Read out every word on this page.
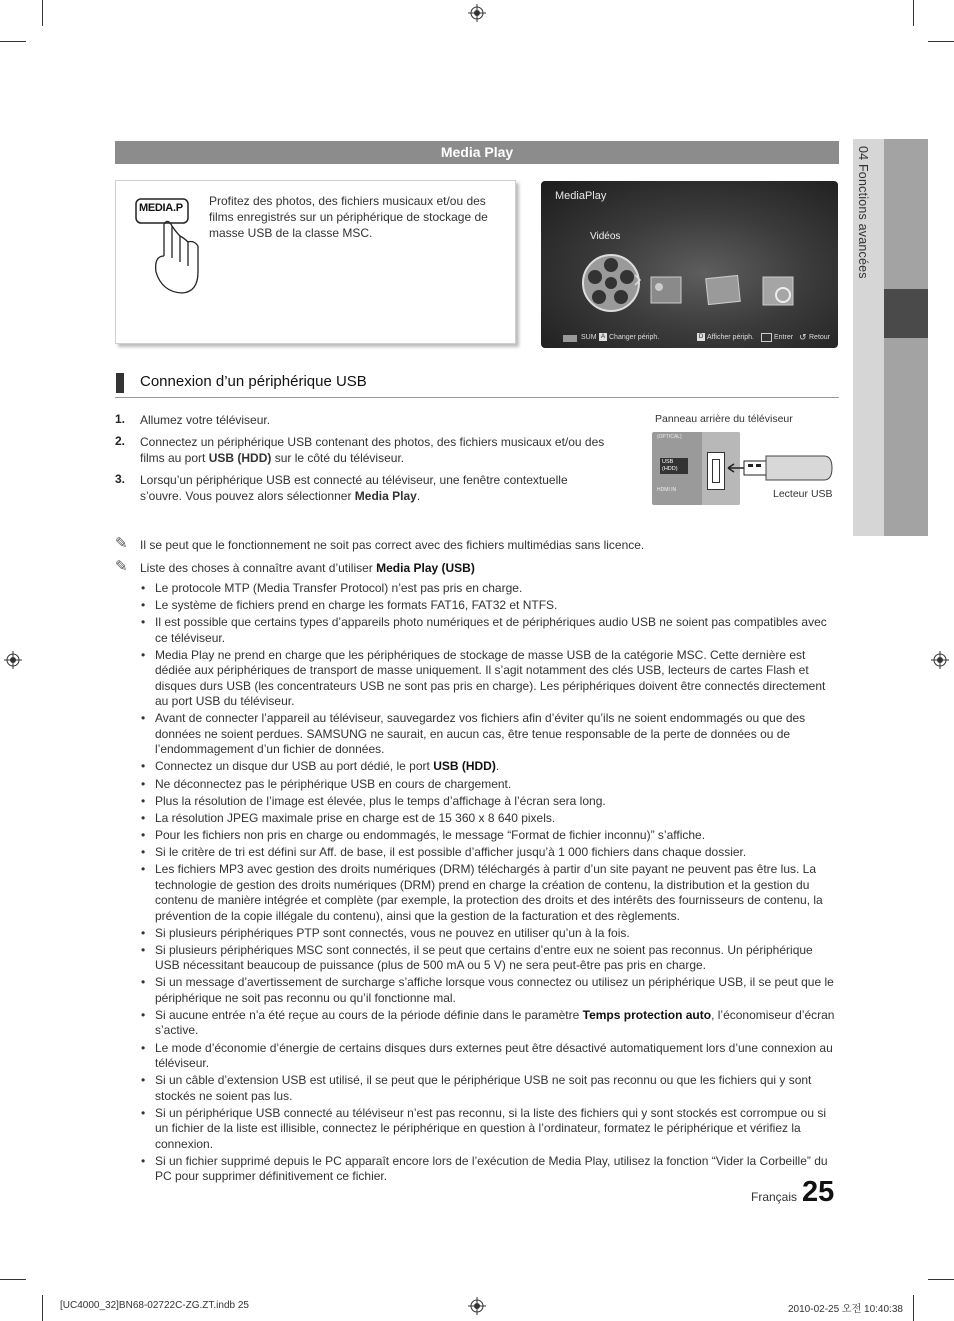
04 Fonctions avancées
Media Play
MEDIA.P Profitez des photos, des fichiers musicaux et/ou des films enregistrés sur un périphérique de stockage de masse USB de la classe MSC.
MediaPlay
Vidéos
SUM A Changer périph.	D Afficher périph.	Entrer ↺ Retour
Connexion d’un périphérique USB
1. Allumez votre téléviseur.
2. Connectez un périphérique USB contenant des photos, des fichiers musicaux et/ou des films au port USB (HDD) sur le côté du téléviseur.
3. Lorsqu’un périphérique USB est connecté au téléviseur, une fenêtre contextuelle s’ouvre. Vous pouvez alors sélectionner Media Play.
Panneau arrière du téléviseur
(OPTICAL)
USB
(HDD)
HDMI IN	Lecteur USB
✎ Il se peut que le fonctionnement ne soit pas correct avec des fichiers multimédias sans licence.
✎ Liste des choses à connaître avant d’utiliser Media Play (USB)
• Le protocole MTP (Media Transfer Protocol) n’est pas pris en charge.
• Le système de fichiers prend en charge les formats FAT16, FAT32 et NTFS.
• Il est possible que certains types d’appareils photo numériques et de périphériques audio USB ne soient pas compatibles avec ce téléviseur.
• Media Play ne prend en charge que les périphériques de stockage de masse USB de la catégorie MSC. Cette dernière est dédiée aux périphériques de transport de masse uniquement. Il s’agit notamment des clés USB, lecteurs de cartes Flash et disques durs USB (les concentrateurs USB ne sont pas pris en charge). Les périphériques doivent être connectés directement au port USB du téléviseur.
• Avant de connecter l’appareil au téléviseur, sauvegardez vos fichiers afin d’éviter qu’ils ne soient endommagés ou que des données ne soient perdues. SAMSUNG ne saurait, en aucun cas, être tenue responsable de la perte de données ou de l’endommagement d’un fichier de données.
• Connectez un disque dur USB au port dédié, le port USB (HDD).
• Ne déconnectez pas le périphérique USB en cours de chargement.
• Plus la résolution de l’image est élevée, plus le temps d’affichage à l’écran sera long.
• La résolution JPEG maximale prise en charge est de 15 360 x 8 640 pixels.
• Pour les fichiers non pris en charge ou endommagés, le message “Format de fichier inconnu)” s’affiche.
• Si le critère de tri est défini sur Aff. de base, il est possible d’afficher jusqu’à 1 000 fichiers dans chaque dossier.
• Les fichiers MP3 avec gestion des droits numériques (DRM) téléchargés à partir d’un site payant ne peuvent pas être lus. La technologie de gestion des droits numériques (DRM) prend en charge la création de contenu, la distribution et la gestion du contenu de manière intégrée et complète (par exemple, la protection des droits et des intérêts des fournisseurs de contenu, la prévention de la copie illégale du contenu), ainsi que la gestion de la facturation et des règlements.
• Si plusieurs périphériques PTP sont connectés, vous ne pouvez en utiliser qu’un à la fois.
• Si plusieurs périphériques MSC sont connectés, il se peut que certains d’entre eux ne soient pas reconnus. Un périphérique USB nécessitant beaucoup de puissance (plus de 500 mA ou 5 V) ne sera peut-être pas pris en charge.
• Si un message d’avertissement de surcharge s’affiche lorsque vous connectez ou utilisez un périphérique USB, il se peut que le périphérique ne soit pas reconnu ou qu’il fonctionne mal.
• Si aucune entrée n’a été reçue au cours de la période définie dans le paramètre Temps protection auto, l’économiseur d’écran s’active.
• Le mode d’économie d’énergie de certains disques durs externes peut être désactivé automatiquement lors d’une connexion au téléviseur.
• Si un câble d’extension USB est utilisé, il se peut que le périphérique USB ne soit pas reconnu ou que les fichiers qui y sont stockés ne soient pas lus.
• Si un périphérique USB connecté au téléviseur n’est pas reconnu, si la liste des fichiers qui y sont stockés est corrompue ou si un fichier de la liste est illisible, connectez le périphérique en question à l’ordinateur, formatez le périphérique et vérifiez la connexion.
• Si un fichier supprimé depuis le PC apparaît encore lors de l’exécution de Media Play, utilisez la fonction “Vider la Corbeille” du PC pour supprimer définitivement ce fichier.
Français 25
[UC4000_32]BN68-02722C-ZG.ZT.indb 25	2010-02-25 오전 10:40:38
